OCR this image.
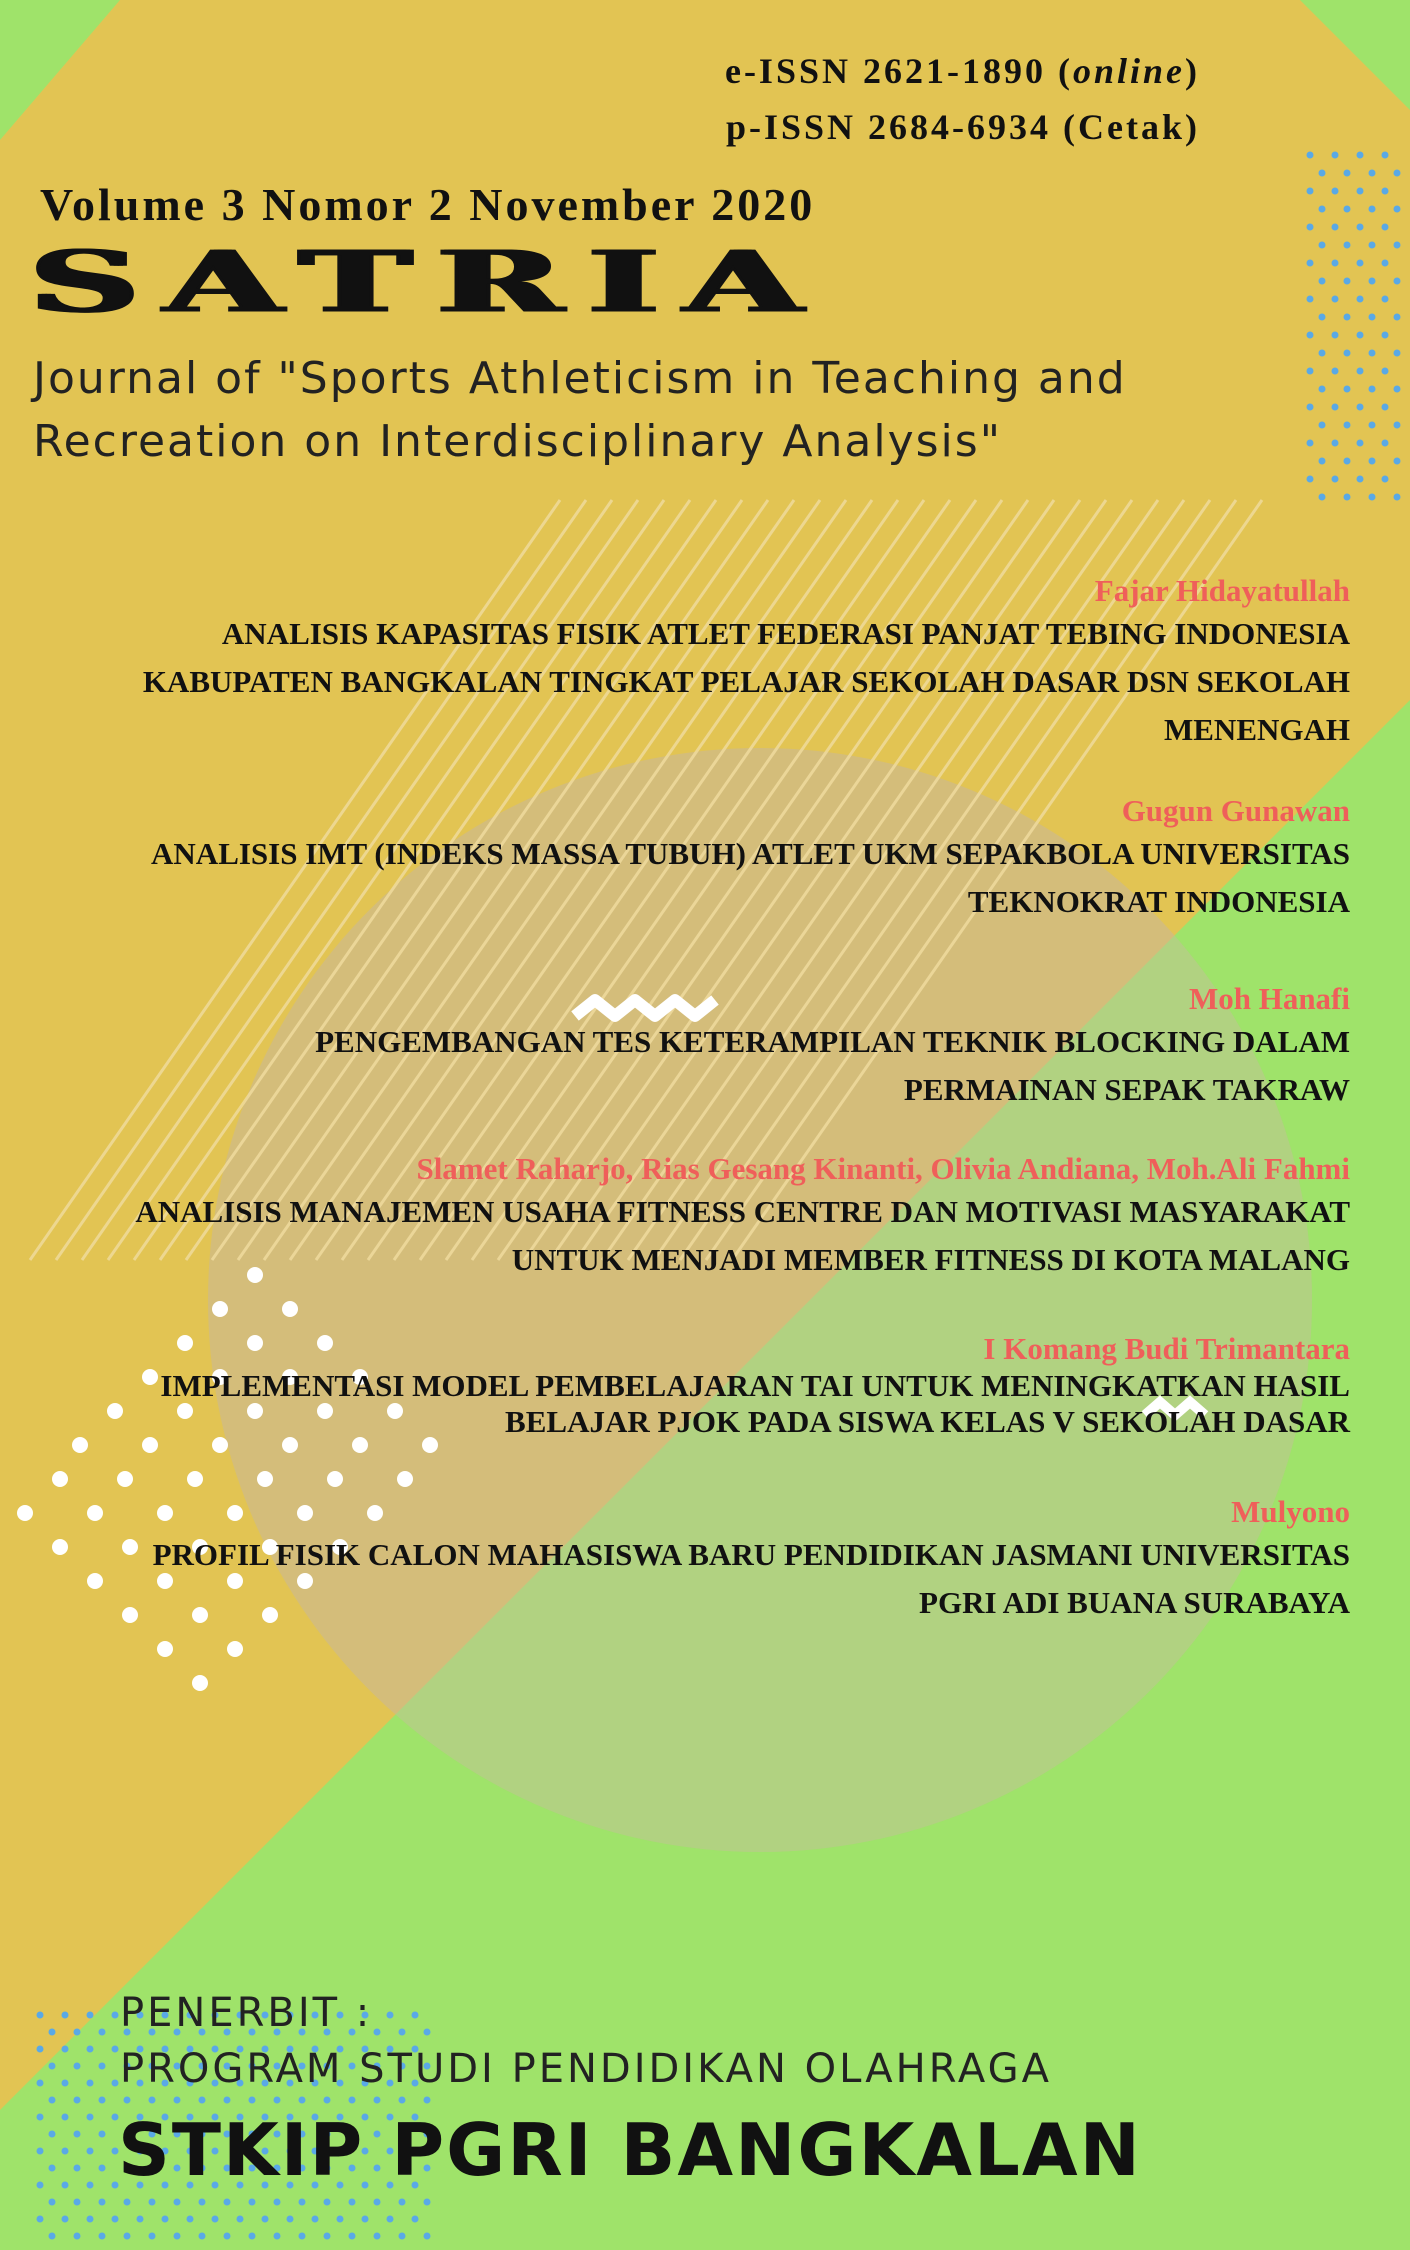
e-ISSN 2621-1890 (online)
p-ISSN 2684-6934 (Cetak)
Volume 3 Nomor 2 November 2020
SATRIA
Journal of "Sports Athleticism in Teaching and
Recreation on Interdisciplinary Analysis"
Fajar Hidayatullah
ANALISIS KAPASITAS FISIK ATLET FEDERASI PANJAT TEBING INDONESIA
KABUPATEN BANGKALAN TINGKAT PELAJAR SEKOLAH DASAR DSN SEKOLAH
MENENGAH
Gugun Gunawan
ANALISIS IMT (INDEKS MASSA TUBUH) ATLET UKM SEPAKBOLA UNIVERSITAS
TEKNOKRAT INDONESIA
Moh Hanafi
PENGEMBANGAN TES KETERAMPILAN TEKNIK BLOCKING DALAM
PERMAINAN SEPAK TAKRAW
Slamet Raharjo, Rias Gesang Kinanti, Olivia Andiana, Moh.Ali Fahmi
ANALISIS MANAJEMEN USAHA FITNESS CENTRE DAN MOTIVASI MASYARAKAT
UNTUK MENJADI MEMBER FITNESS DI KOTA MALANG
I Komang Budi Trimantara
IMPLEMENTASI MODEL PEMBELAJARAN TAI UNTUK MENINGKATKAN HASIL
BELAJAR PJOK PADA SISWA KELAS V SEKOLAH DASAR
Mulyono
PROFIL FISIK CALON MAHASISWA BARU PENDIDIKAN JASMANI UNIVERSITAS
PGRI ADI BUANA SURABAYA
PENERBIT :
PROGRAM STUDI PENDIDIKAN OLAHRAGA
STKIP PGRI BANGKALAN
